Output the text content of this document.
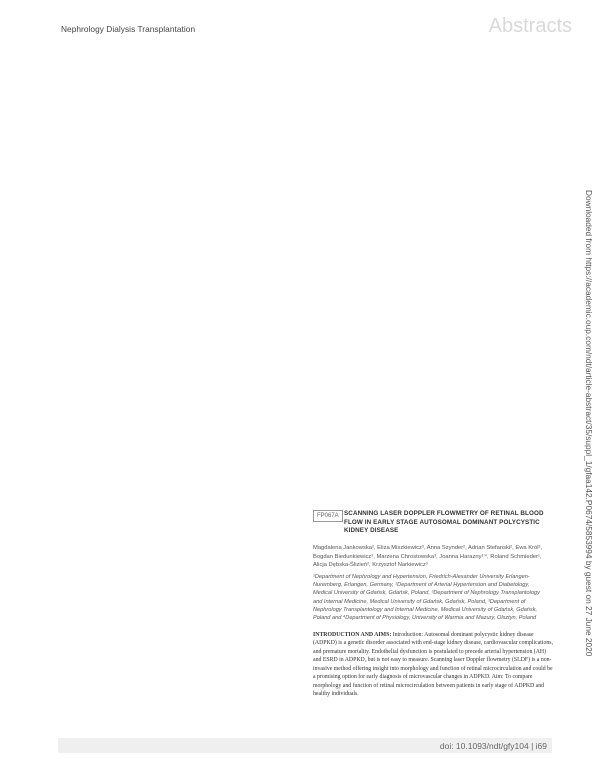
Nephrology Dialysis Transplantation	Abstracts
Downloaded from https://academic.oup.com/ndt/article-abstract/35/suppl_1/gfaa142.P0674/5853994 by guest on 27 June 2020
FP067A SCANNING LASER DOPPLER FLOWMETRY OF RETINAL BLOOD FLOW IN EARLY STAGE AUTOSOMAL DOMINANT POLYCYSTIC KIDNEY DISEASE
Magdalena Jankowska², Eliza Miszkiewicz³, Anna Szynder², Adrian Stefanski², Ewa Król², Bogdan Biedunkiewicz², Marzena Chrostowska³, Joanna Harazny¹ʹ⁴, Roland Schmieder¹, Alicja Dębska-Ślizień², Krzysztof Narkiewicz³
¹Department of Nephrology and Hypertension, Friedrich-Alexander University Erlangen-Nuremberg, Erlangen, Germany, ²Department of Arterial Hypertension and Diabetology, Medical University of Gdańsk, Gdańsk, Poland, ³Department of Nephrology Transplantology and Internal Medicine, Medical University of Gdańsk, Gdańsk, Poland, ³Department of Nephrology Transplantology and Internal Medicine, Medical University of Gdańsk, Gdańsk, Poland and ⁴Department of Physiology, University of Warmia and Mazury, Olsztyn, Poland
INTRODUCTION AND AIMS: Introduction: Autosomal dominant polycystic kidney disease (ADPKD) is a genetic disorder associated with end-stage kidney disease, cardiovascular complications, and premature mortality. Endothelial dysfunction is postulated to precede arterial hypertension (AH) and ESRD in ADPKD, but is not easy to measure. Scanning laser Doppler flowmetry (SLDF) is a non-invasive method offering insight into morphology and function of retinal microcirculation and could be a promising option for early diagnosis of microvascular changes in ADPKD. Aim: To compare morphology and function of retinal microcirculation between patients in early stage of ADPKD and healthy individuals.
doi: 10.1093/ndt/gfy104 | i69
